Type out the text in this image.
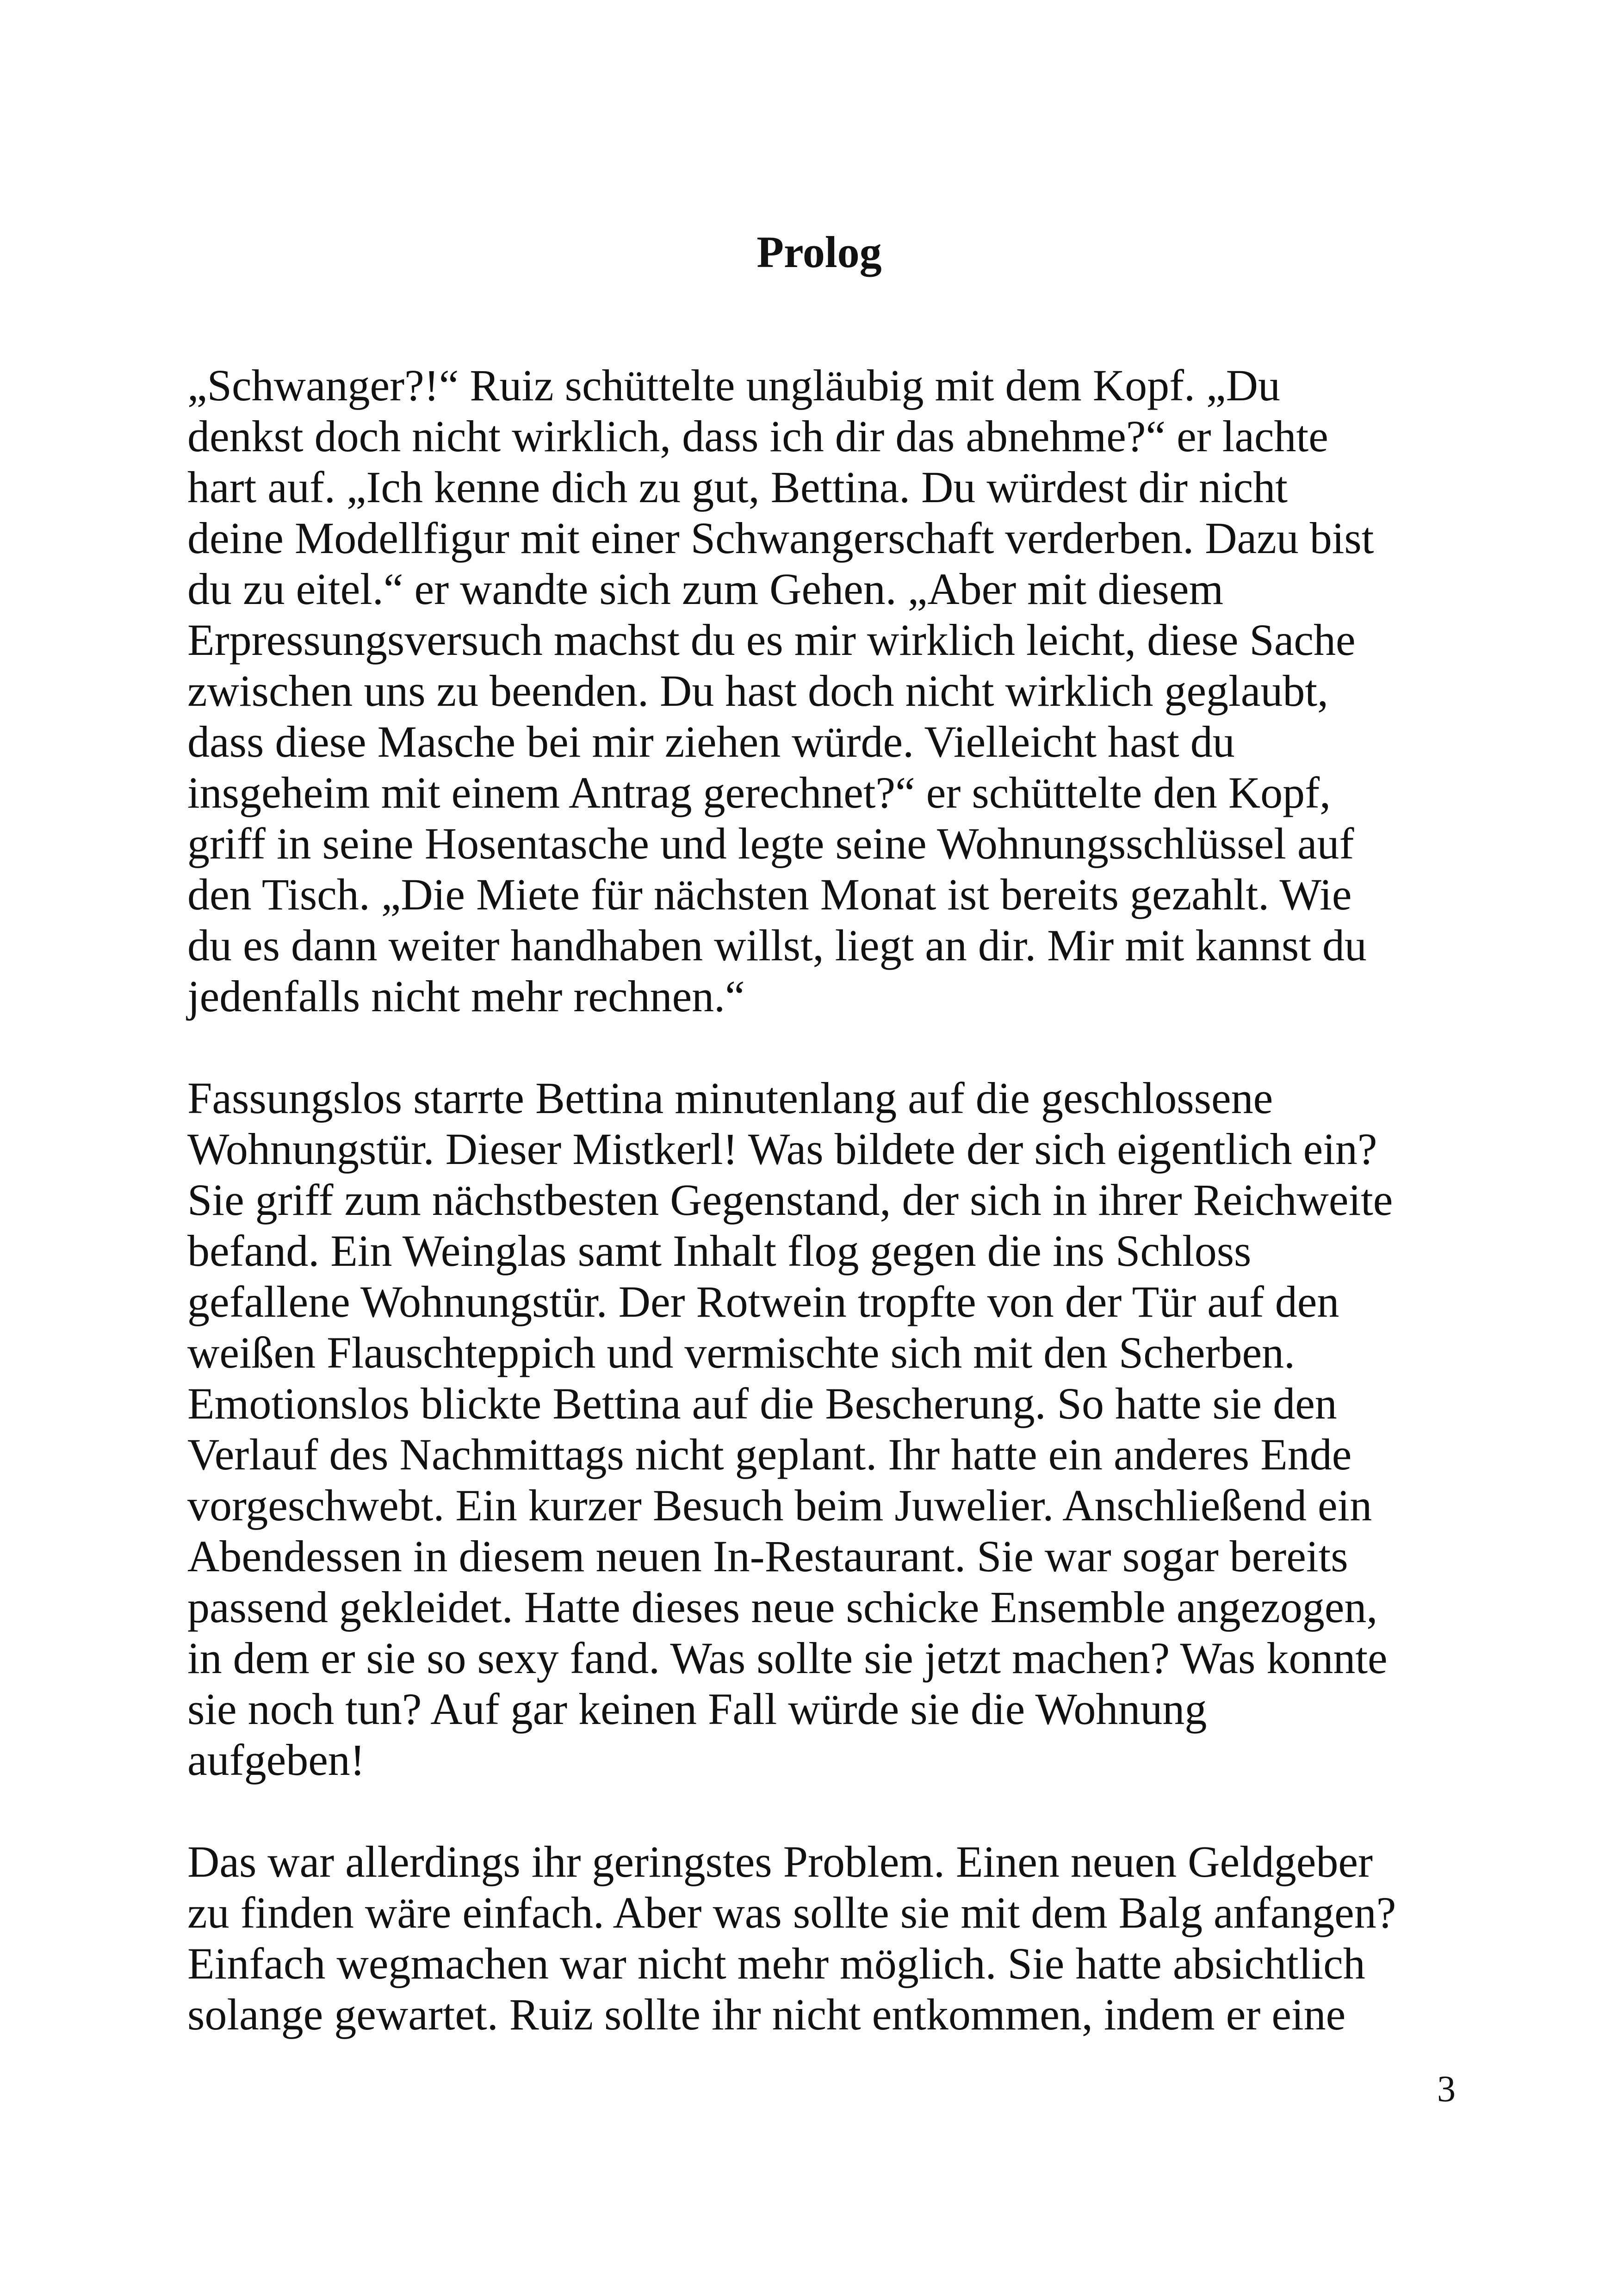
Prolog
„Schwanger?!“ Ruiz schüttelte ungläubig mit dem Kopf. „Du
denkst doch nicht wirklich, dass ich dir das abnehme?“ er lachte
hart auf. „Ich kenne dich zu gut, Bettina. Du würdest dir nicht
deine Modellfigur mit einer Schwangerschaft verderben. Dazu bist
du zu eitel.“ er wandte sich zum Gehen. „Aber mit diesem
Erpressungsversuch machst du es mir wirklich leicht, diese Sache
zwischen uns zu beenden. Du hast doch nicht wirklich geglaubt,
dass diese Masche bei mir ziehen würde. Vielleicht hast du
insgeheim mit einem Antrag gerechnet?“ er schüttelte den Kopf,
griff in seine Hosentasche und legte seine Wohnungsschlüssel auf
den Tisch. „Die Miete für nächsten Monat ist bereits gezahlt. Wie
du es dann weiter handhaben willst, liegt an dir. Mir mit kannst du
jedenfalls nicht mehr rechnen.“
Fassungslos starrte Bettina minutenlang auf die geschlossene
Wohnungstür. Dieser Mistkerl! Was bildete der sich eigentlich ein?
Sie griff zum nächstbesten Gegenstand, der sich in ihrer Reichweite
befand. Ein Weinglas samt Inhalt flog gegen die ins Schloss
gefallene Wohnungstür. Der Rotwein tropfte von der Tür auf den
weißen Flauschteppich und vermischte sich mit den Scherben.
Emotionslos blickte Bettina auf die Bescherung. So hatte sie den
Verlauf des Nachmittags nicht geplant. Ihr hatte ein anderes Ende
vorgeschwebt. Ein kurzer Besuch beim Juwelier. Anschließend ein
Abendessen in diesem neuen In-Restaurant. Sie war sogar bereits
passend gekleidet. Hatte dieses neue schicke Ensemble angezogen,
in dem er sie so sexy fand. Was sollte sie jetzt machen? Was konnte
sie noch tun? Auf gar keinen Fall würde sie die Wohnung
aufgeben!
Das war allerdings ihr geringstes Problem. Einen neuen Geldgeber
zu finden wäre einfach. Aber was sollte sie mit dem Balg anfangen?
Einfach wegmachen war nicht mehr möglich. Sie hatte absichtlich
solange gewartet. Ruiz sollte ihr nicht entkommen, indem er eine
3
